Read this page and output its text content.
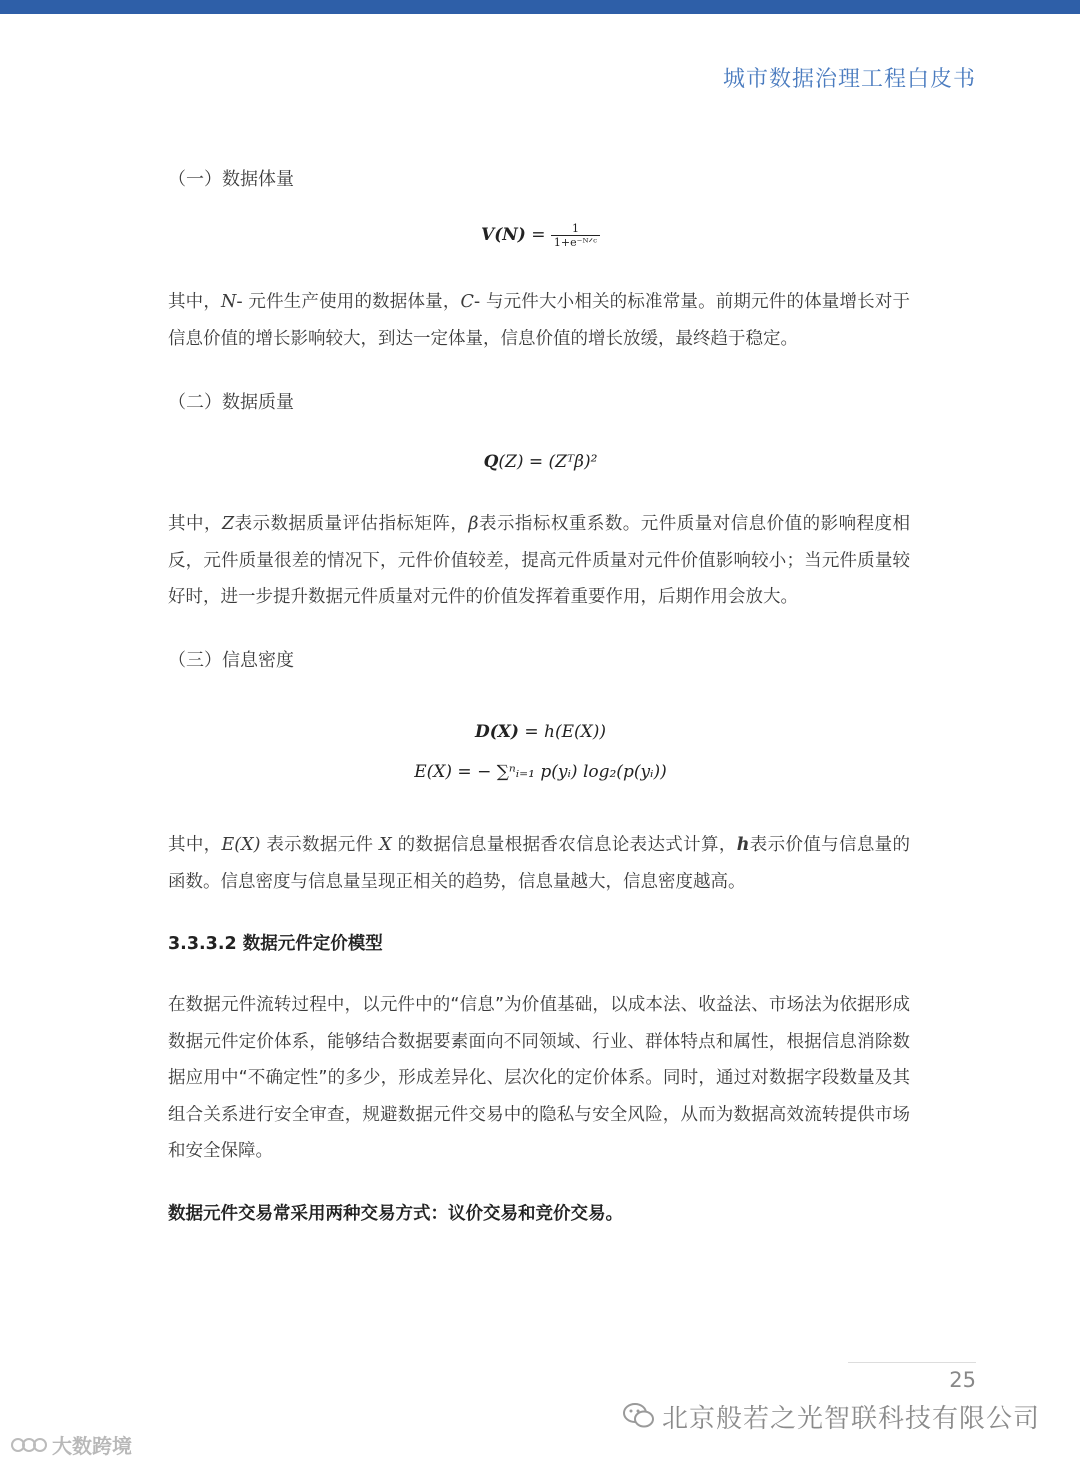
城市数据治理工程白皮书
（一）数据体量
$V(N) = \frac{1}{\text{1+e⁻ᴺᐟᶜ}}$
其中，N- 元件生产使用的数据体量，C- 与元件大小相关的标准常量。前期元件的体量增长对于信息价值的增长影响较大，到达一定体量，信息价值的增长放缓，最终趋于稳定。
（二）数据质量
Q(Z) = (Zᵀβ)²
其中，Z表示数据质量评估指标矩阵，β表示指标权重系数。元件质量对信息价值的影响程度相反，元件质量很差的情况下，元件价值较差，提高元件质量对元件价值影响较小；当元件质量较好时，进一步提升数据元件质量对元件的价值发挥着重要作用，后期作用会放大。
（三）信息密度
D(X) = h(E(X))
E(X) = − ∑ⁿᵢ₌₁ p(yᵢ) log₂(p(yᵢ))
其中，E(X) 表示数据元件 X 的数据信息量根据香农信息论表达式计算，h表示价值与信息量的函数。信息密度与信息量呈现正相关的趋势，信息量越大，信息密度越高。
3.3.3.2 数据元件定价模型
在数据元件流转过程中，以元件中的“信息”为价值基础，以成本法、收益法、市场法为依据形成数据元件定价体系，能够结合数据要素面向不同领域、行业、群体特点和属性，根据信息消除数据应用中“不确定性”的多少，形成差异化、层次化的定价体系。同时，通过对数据字段数量及其组合关系进行安全审查，规避数据元件交易中的隐私与安全风险，从而为数据高效流转提供市场和安全保障。
数据元件交易常采用两种交易方式：议价交易和竞价交易。
25
北京般若之光智联科技有限公司
大数跨境
